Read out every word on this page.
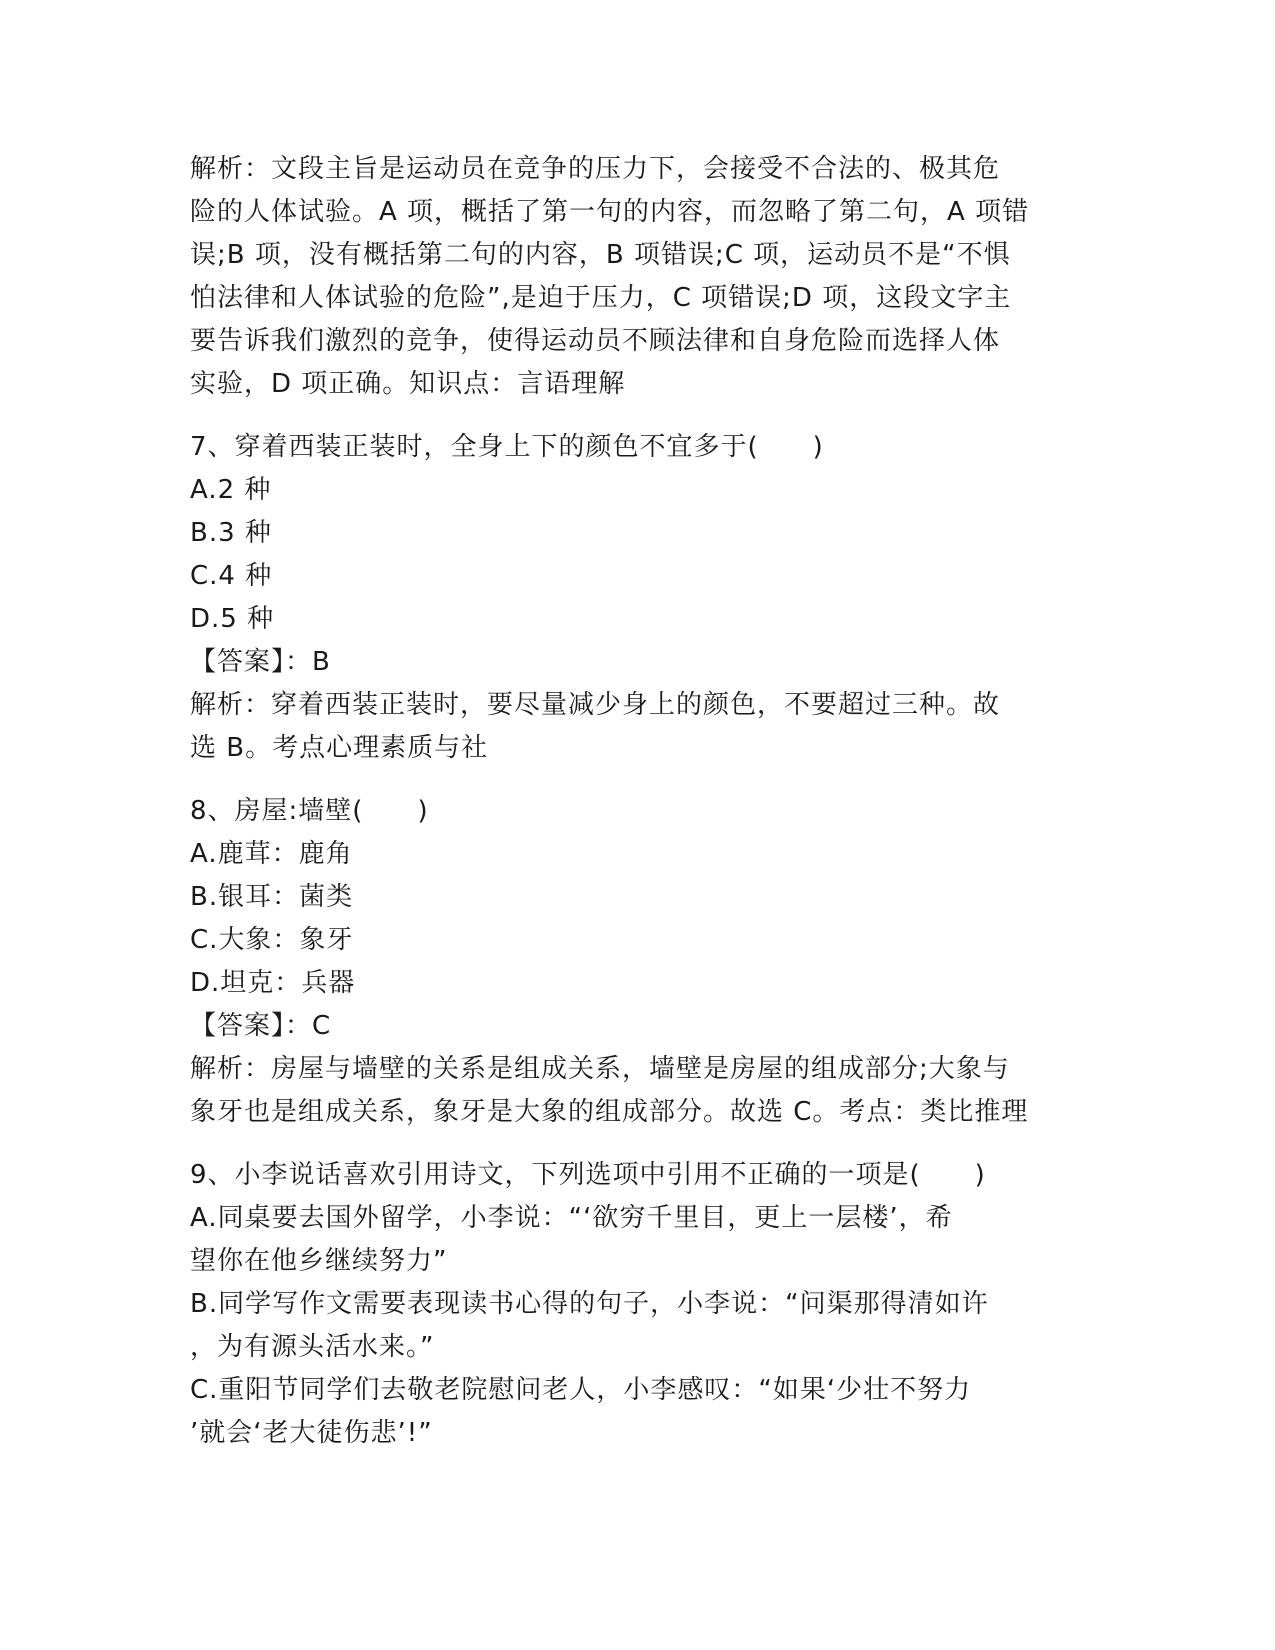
解析：文段主旨是运动员在竞争的压力下，会接受不合法的、极其危
险的人体试验。A 项，概括了第一句的内容，而忽略了第二句，A 项错
误;B 项，没有概括第二句的内容，B 项错误;C 项，运动员不是“不惧
怕法律和人体试验的危险”,是迫于压力，C 项错误;D 项，这段文字主
要告诉我们激烈的竞争，使得运动员不顾法律和自身危险而选择人体
实验，D 项正确。知识点：言语理解
7、穿着西装正装时，全身上下的颜色不宜多于(　　)
A.2 种
B.3 种
C.4 种
D.5 种
【答案】：B
解析：穿着西装正装时，要尽量减少身上的颜色，不要超过三种。故
选 B。考点心理素质与社
8、房屋:墙壁(　　)
A.鹿茸：鹿角
B.银耳：菌类
C.大象：象牙
D.坦克：兵器
【答案】：C
解析：房屋与墙壁的关系是组成关系，墙壁是房屋的组成部分;大象与
象牙也是组成关系，象牙是大象的组成部分。故选 C。考点：类比推理
9、小李说话喜欢引用诗文，下列选项中引用不正确的一项是(　　)
A.同桌要去国外留学，小李说：“‘欲穷千里目，更上一层楼’，希
望你在他乡继续努力”
B.同学写作文需要表现读书心得的句子，小李说：“问渠那得清如许
，为有源头活水来。”
C.重阳节同学们去敬老院慰问老人，小李感叹：“如果‘少壮不努力
’就会‘老大徒伤悲’!”
